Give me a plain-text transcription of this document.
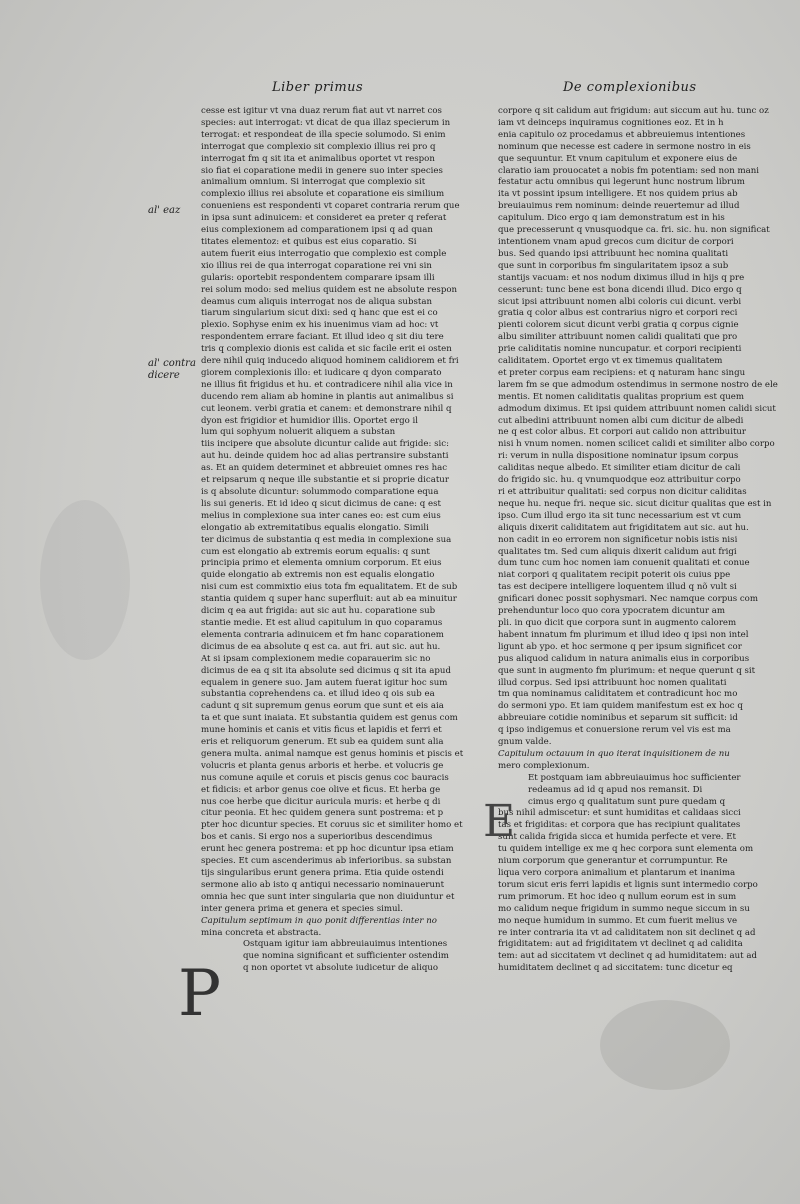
Liber primus	De complexionibus
al' eaz
al' contra dicere
cesse est igitur vt vna duaz rerum fiat aut vt narret cos
species: aut interrogat: vt dicat de qua illaz specierum in
terrogat: et respondeat de illa specie solumodo. Si enim
interrogat que complexio sit complexio illius rei pro q
interrogat fm q sit ita et animalibus oportet vt respon
sio fiat ei coparatione medii in genere suo inter species
animalium omnium. Si interrogat que complexio sit
complexio illius rei absolute et coparatione eis similium
conueniens est respondenti vt coparet contraria rerum que
in ipsa sunt adinuicem: et consideret ea preter q referat
eius complexionem ad comparationem ipsi q ad quan
titates elementoz: et quibus est eius coparatio. Si
autem fuerit eius interrogatio que complexio est comple
xio illius rei de qua interrogat coparatione rei vni sin
gularis: oportebit respondentem comparare ipsam illi
rei solum modo: sed melius quidem est ne absolute respon
deamus cum aliquis interrogat nos de aliqua substan
tiarum singularium sicut dixi: sed q hanc que est ei co
plexio. Sophyse enim ex his inuenimus viam ad hoc: vt
respondentem errare faciant. Et illud ideo q sit diu tere
tris q complexio dionis est calida et sic facile erit ei osten
dere nihil quiq inducedo aliquod hominem calidiorem et fri
giorem complexionis illo: et iudicare q dyon comparato
ne illius fit frigidus et hu. et contradicere nihil alia vice in
ducendo rem aliam ab homine in plantis aut animalibus si
cut leonem. verbi gratia et canem: et demonstrare nihil q
dyon est frigidior et humidior illis. Oportet ergo il
lum qui sophyum noluerit aliquem a substan
tiis incipere que absolute dicuntur calide aut frigide: sic:
aut hu. deinde quidem hoc ad alias pertransire substanti
as. Et an quidem determinet et abbreuiet omnes res hac
et reipsarum q neque ille substantie et si proprie dicatur
is q absolute dicuntur: solummodo comparatione equa
lis sui generis. Et id ideo q sicut dicimus de cane: q est
melius in complexione sua inter canes eo: est cum eius
elongatio ab extremitatibus equalis elongatio. Simili
ter dicimus de substantia q est media in complexione sua
cum est elongatio ab extremis eorum equalis: q sunt
principia primo et elementa omnium corporum. Et eius
quide elongatio ab extremis non est equalis elongatio
nisi cum est commixtio eius tota fm equalitatem. Et de sub
stantia quidem q super hanc superfluit: aut ab ea minuitur
dicim q ea aut frigida: aut sic aut hu. coparatione sub
stantie medie. Et est aliud capitulum in quo coparamus
elementa contraria adinuicem et fm hanc coparationem
dicimus de ea absolute q est ca. aut fri. aut sic. aut hu.
At si ipsam complexionem medie coparauerim sic no
dicimus de ea q sit ita absolute sed dicimus q sit ita apud
equalem in genere suo. Jam autem fuerat igitur hoc sum
substantia coprehendens ca. et illud ideo q ois sub ea
cadunt q sit supremum genus eorum que sunt et eis aia
ta et que sunt inaiata. Et substantia quidem est genus com
mune hominis et canis et vitis ficus et lapidis et ferri et
eris et reliquorum generum. Et sub ea quidem sunt alia
genera multa. animal namque est genus hominis et piscis et
volucris et planta genus arboris et herbe. et volucris ge
nus comune aquile et coruis et piscis genus coc bauracis
et fidicis: et arbor genus coe olive et ficus. Et herba ge
nus coe herbe que dicitur auricula muris: et herbe q di
citur peonia. Et hec quidem genera sunt postrema: et p
pter hoc dicuntur species. Et coruus sic et similiter homo et
bos et canis. Si ergo nos a superioribus descendimus
erunt hec genera postrema: et pp hoc dicuntur ipsa etiam
species. Et cum ascenderimus ab inferioribus. sa substan
tijs singularibus erunt genera prima. Etia quide ostendi
sermone alio ab isto q antiqui necessario nominauerunt
omnia hec que sunt inter singularia que non diuiduntur et
inter genera prima et genera et species simul.
Capitulum septimum in quo ponit differentias inter no
mina concreta et abstracta.
Ostquam igitur iam abbreuiauimus intentiones
que nomina significant et sufficienter ostendim
q non oportet vt absolute iudicetur de aliquo
corpore q sit calidum aut frigidum: aut siccum aut hu. tunc oz
iam vt deinceps inquiramus cognitiones eoz. Et in h
enia capitulo oz procedamus et abbreuiemus intentiones
nominum que necesse est cadere in sermone nostro in eis
que sequuntur. Et vnum capitulum et exponere eius de
claratio iam prouocatet a nobis fm potentiam: sed non mani
festatur actu omnibus qui legerunt hunc nostrum librum
ita vt possint ipsum intelligere. Et nos quidem prius ab
breuiauimus rem nominum: deinde reuertemur ad illud
capitulum. Dico ergo q iam demonstratum est in his
que precesserunt q vnusquodque ca. fri. sic. hu. non significat
intentionem vnam apud grecos cum dicitur de corpori
bus. Sed quando ipsi attribuunt hec nomina qualitati
que sunt in corporibus fm singularitatem ipsoz a sub
stantijs vacuam: et nos nodum diximus illud in hijs q pre
cesserunt: tunc bene est bona dicendi illud. Dico ergo q
sicut ipsi attribuunt nomen albi coloris cui dicunt. verbi
gratia q color albus est contrarius nigro et corpori reci
pienti colorem sicut dicunt verbi gratia q corpus cignie
albu similiter attribuunt nomen calidi qualitati que pro
prie caliditatis nomine nuncupatur. et corpori recipienti
caliditatem. Oportet ergo vt ex timemus qualitatem
et preter corpus eam recipiens: et q naturam hanc singu
larem fm se que admodum ostendimus in sermone nostro de ele
mentis. Et nomen caliditatis qualitas proprium est quem
admodum diximus. Et ipsi quidem attribuunt nomen calidi sicut
cut albedini attribuunt nomen albi cum dicitur de albedi
ne q est color albus. Et corpori aut calido non attribuitur
nisi h vnum nomen. nomen scilicet calidi et similiter albo corpo
ri: verum in nulla dispositione nominatur ipsum corpus
caliditas neque albedo. Et similiter etiam dicitur de cali
do frigido sic. hu. q vnumquodque eoz attribuitur corpo
ri et attribuitur qualitati: sed corpus non dicitur caliditas
neque hu. neque fri. neque sic. sicut dicitur qualitas que est in
ipso. Cum illud ergo ita sit tunc necessarium est vt cum
aliquis dixerit caliditatem aut frigiditatem aut sic. aut hu.
non cadit in eo errorem non significetur nobis istis nisi
qualitates tm. Sed cum aliquis dixerit calidum aut frigi
dum tunc cum hoc nomen iam conuenit qualitati et conue
niat corpori q qualitatem recipit poterit ois cuius ppe
tas est decipere intelligere loquentem illud q nõ vult si
gnificari donec possit sophysmari. Nec namque corpus com
prehenduntur loco quo cora ypocratem dicuntur am
pli. in quo dicit que corpora sunt in augmento calorem
habent innatum fm plurimum et illud ideo q ipsi non intel
ligunt ab ypo. et hoc sermone q per ipsum significet cor
pus aliquod calidum in natura animalis eius in corporibus
que sunt in augmento fm plurimum: et neque querunt q sit
illud corpus. Sed ipsi attribuunt hoc nomen qualitati
tm qua nominamus caliditatem et contradicunt hoc mo
do sermoni ypo. Et iam quidem manifestum est ex hoc q
abbreuiare cotidie nominibus et separum sit sufficit: id
q ipso indigemus et conuersione rerum vel vis est ma
gnum valde.
Capitulum octauum in quo iterat inquisitionem de nu
mero complexionum.
Et postquam iam abbreuiauimus hoc sufficienter
redeamus ad id q apud nos remansit. Di
cimus ergo q qualitatum sunt pure quedam q
bus nihil admiscetur: et sunt humiditas et calidaas sicci
tas et frigiditas: et corpora que has recipiunt qualitates
sunt calida frigida sicca et humida perfecte et vere. Et
tu quidem intellige ex me q hec corpora sunt elementa om
nium corporum que generantur et corrumpuntur. Re
liqua vero corpora animalium et plantarum et inanima
torum sicut eris ferri lapidis et lignis sunt intermedio corpo
rum primorum. Et hoc ideo q nullum eorum est in sum
mo calidum neque frigidum in summo neque siccum in su
mo neque humidum in summo. Et cum fuerit melius ve
re inter contraria ita vt ad caliditatem non sit declinet q ad
frigiditatem: aut ad frigiditatem vt declinet q ad calidita
tem: aut ad siccitatem vt declinet q ad humiditatem: aut ad
humiditatem declinet q ad siccitatem: tunc dicetur eq
P
E
